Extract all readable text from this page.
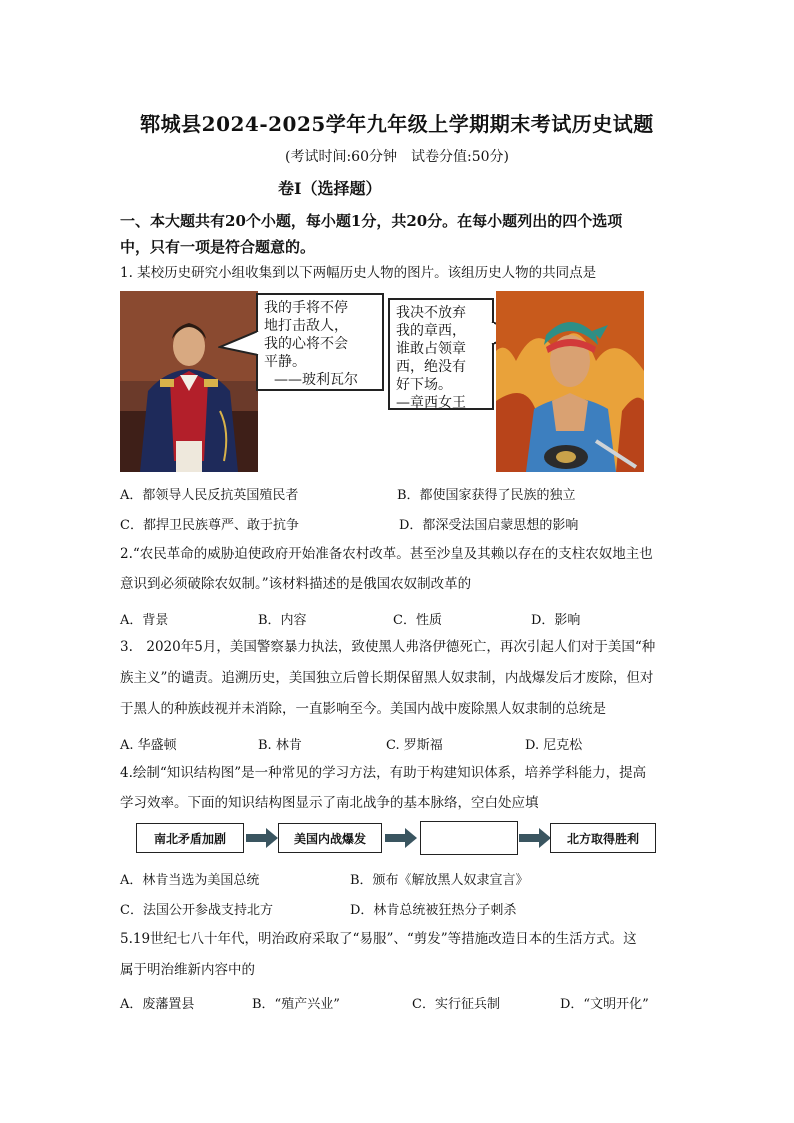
郓城县2024-2025学年九年级上学期期末考试历史试题
(考试时间:60分钟　试卷分值:50分)
卷Ⅰ（选择题）
一、本大题共有20个小题，每小题1分，共20分。在每小题列出的四个选项
中，只有一项是符合题意的。
1. 某校历史研究小组收集到以下两幅历史人物的图片。该组历史人物的共同点是
我的手将不停
地打击敌人，
我的心将不会
平静。
——玻利瓦尔
我决不放弃
我的章西，
谁敢占领章
西，绝没有
好下场。
—章西女王
A．都领导人民反抗英国殖民者	B．都使国家获得了民族的独立
C．都捍卫民族尊严、敢于抗争	D．都深受法国启蒙思想的影响
2.“农民革命的威胁迫使政府开始准备农村改革。甚至沙皇及其赖以存在的支柱农奴地主也
意识到必须破除农奴制。”该材料描述的是俄国农奴制改革的
A．背景	B．内容	C．性质	D．影响
3.　2020年5月，美国警察暴力执法，致使黑人弗洛伊德死亡，再次引起人们对于美国“种
族主义”的谴责。追溯历史，美国独立后曾长期保留黑人奴隶制，内战爆发后才废除，但对
于黑人的种族歧视并未消除，一直影响至今。美国内战中废除黑人奴隶制的总统是
A. 华盛顿	B. 林肯	C. 罗斯福	D. 尼克松
4.绘制“知识结构图”是一种常见的学习方法，有助于构建知识体系，培养学科能力，提高
学习效率。下面的知识结构图显示了南北战争的基本脉络，空白处应填
南北矛盾加剧	美国内战爆发	北方取得胜利
A．林肯当选为美国总统	B．颁布《解放黑人奴隶宣言》
C．法国公开参战支持北方	D．林肯总统被狂热分子刺杀
5.19世纪七八十年代，明治政府采取了“易服”、“剪发”等措施改造日本的生活方式。这
属于明治维新内容中的
A．废藩置县	B．“殖产兴业”	C．实行征兵制	D．“文明开化”
